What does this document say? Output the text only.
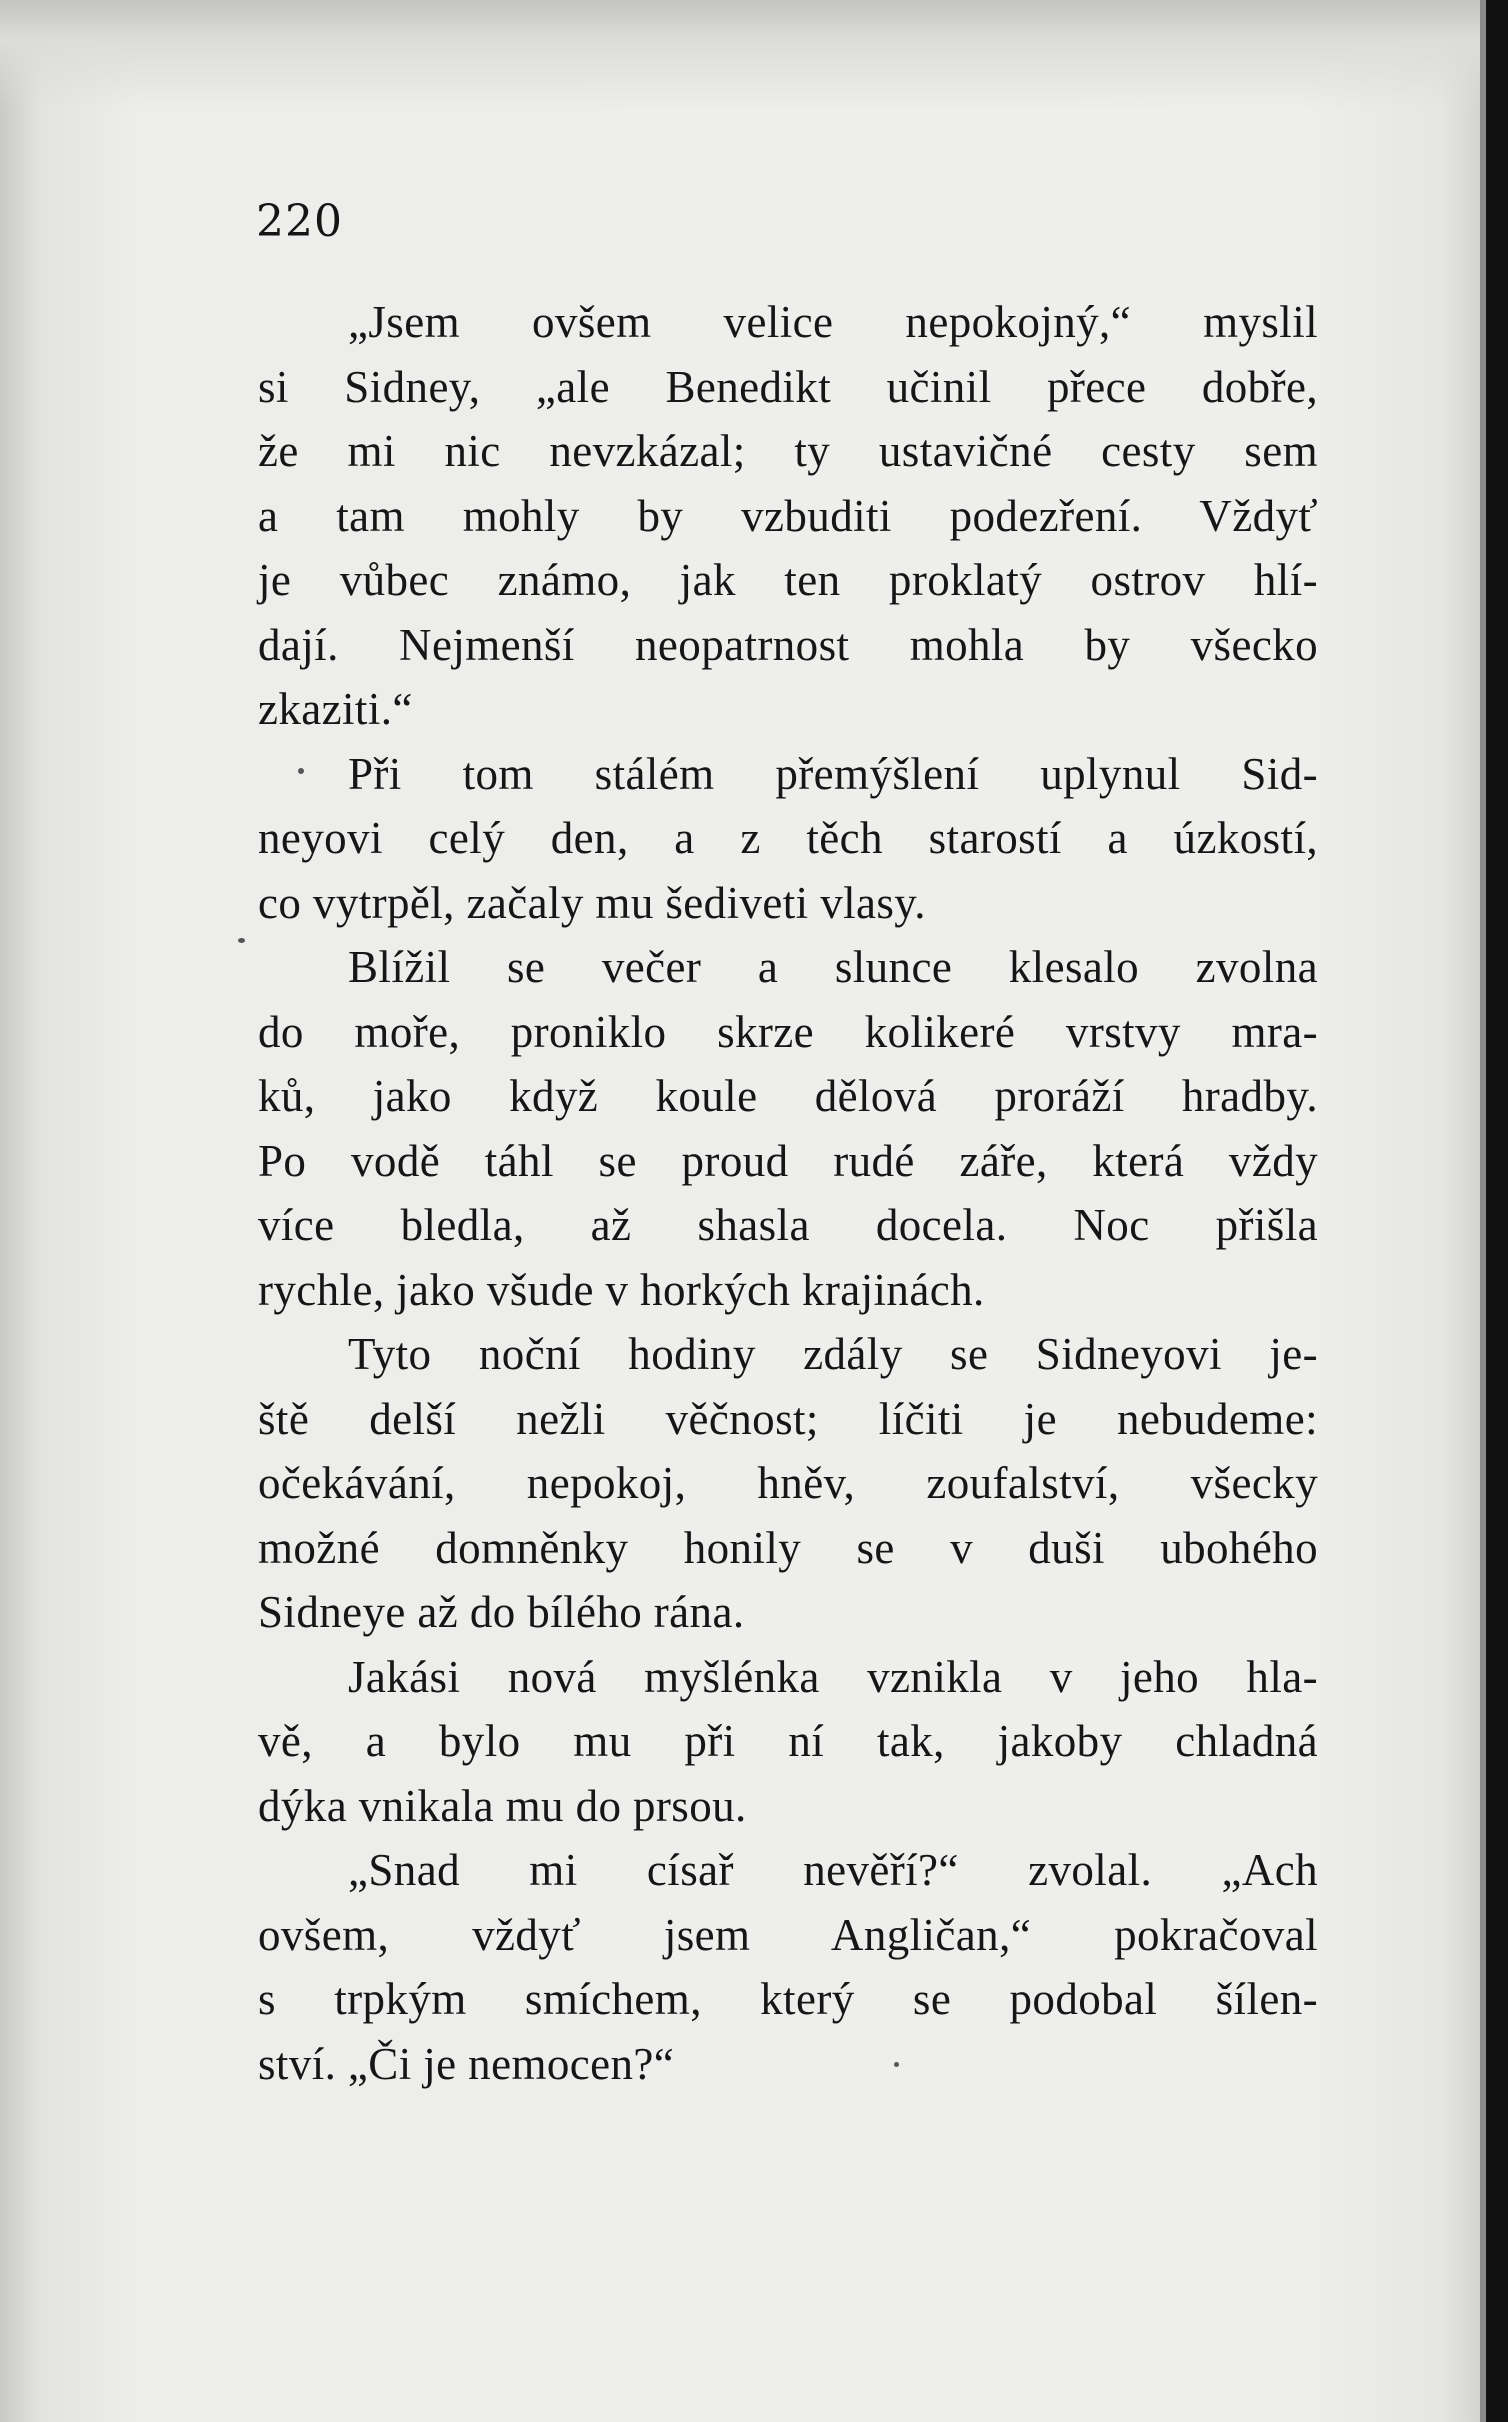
220
„Jsem ovšem velice nepokojný,“ myslil
si Sidney, „ale Benedikt učinil přece dobře,
že mi nic nevzkázal; ty ustavičné cesty sem
a tam mohly by vzbuditi podezření. Vždyť
je vůbec známo, jak ten proklatý ostrov hlí-
dají. Nejmenší neopatrnost mohla by všecko
zkaziti.“
Při tom stálém přemýšlení uplynul Sid-
neyovi celý den, a z těch starostí a úzkostí,
co vytrpěl, začaly mu šediveti vlasy.
Blížil se večer a slunce klesalo zvolna
do moře, proniklo skrze kolikeré vrstvy mra-
ků, jako když koule dělová proráží hradby.
Po vodě táhl se proud rudé záře, která vždy
více bledla, až shasla docela. Noc přišla
rychle, jako všude v horkých krajinách.
Tyto noční hodiny zdály se Sidneyovi je-
ště delší nežli věčnost; líčiti je nebudeme:
očekávání, nepokoj, hněv, zoufalství, všecky
možné domněnky honily se v duši ubohého
Sidneye až do bílého rána.
Jakási nová myšlénka vznikla v jeho hla-
vě, a bylo mu při ní tak, jakoby chladná
dýka vnikala mu do prsou.
„Snad mi císař nevěří?“ zvolal. „Ach
ovšem, vždyť jsem Angličan,“ pokračoval
s trpkým smíchem, který se podobal šílen-
ství. „Či je nemocen?“
